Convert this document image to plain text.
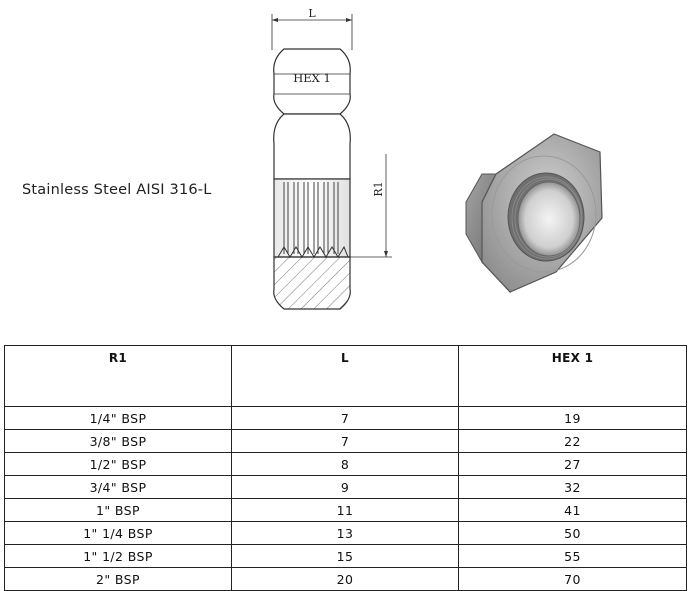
Stainless Steel AISI 316-L
L
HEX 1
R1
R1	L	HEX 1
1/4" BSP	7	19
3/8" BSP	7	22
1/2" BSP	8	27
3/4" BSP	9	32
1" BSP	11	41
1" 1/4 BSP	13	50
1" 1/2 BSP	15	55
2" BSP	20	70
